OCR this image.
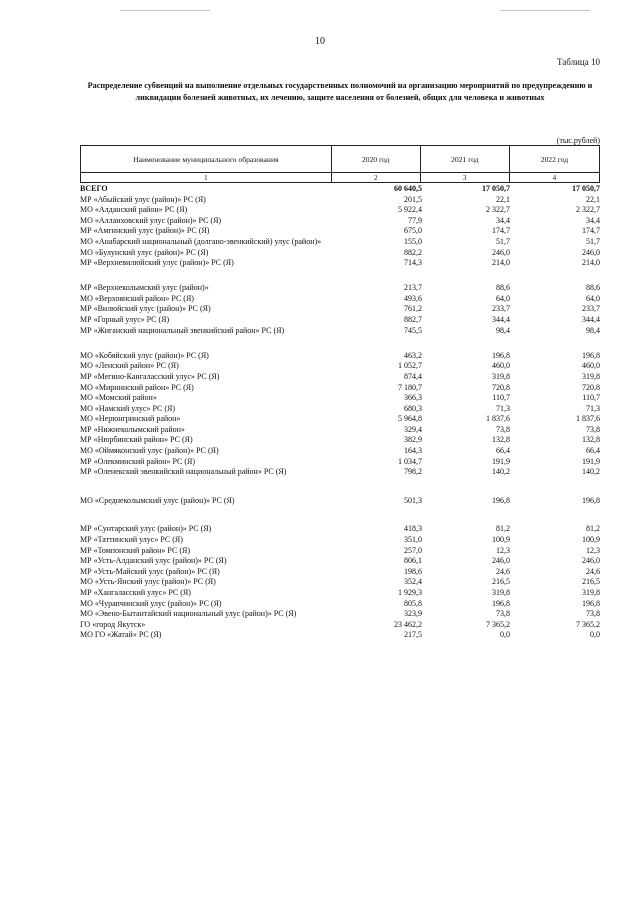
10
Таблица 10
Распределение субвенций на выполнение отдельных государственных полномочий на организацию мероприятий по предупреждению и ликвидации болезней животных, их лечению, защите населения от болезней, общих для человека и животных
(тыс.рублей)
Наименование муниципального образования	2020 год	2021 год	2022 год
1	2	3	4
ВСЕГО	60 640,5	17 050,7	17 050,7
МР «Абыйский улус (район)» РС (Я)	201,5	22,1	22,1
МО «Алданский район» РС (Я)	5 922,4	2 322,7	2 322,7
МО «Аллаиховский улус (район)» РС (Я)	77,9	34,4	34,4
МР «Амгинский улус (район)» РС (Я)	675,0	174,7	174,7
МО «Анабарский национальный (долгано-эвенкийский) улус (район)»	155,0	51,7	51,7
МО «Булунский улус (район)» РС (Я)	882,2	246,0	246,0
МР «Верхневилюйский улус (район)» РС (Я)	714,3	214,0	214,0
МР «Верхнеколымский улус (район)»	213,7	88,6	88,6
МО «Верхоянский район» РС (Я)	493,6	64,0	64,0
МР «Вилюйский улус (район)» РС (Я)	761,2	233,7	233,7
МР «Горный улус» РС (Я)	882,7	344,4	344,4
МР «Жиганский национальный эвенкийский район» РС (Я)	745,5	98,4	98,4
МО «Кобяйский улус (район)» РС (Я)	463,2	196,8	196,8
МО «Ленский район» РС (Я)	1 052,7	460,0	460,0
МР «Мегино-Кангаласский улус» РС (Я)	874,4	319,8	319,8
МО «Мирнинский район» РС (Я)	7 180,7	720,8	720,8
МО «Момский район»	366,3	110,7	110,7
МО «Намский улус» РС (Я)	680,3	71,3	71,3
МО «Нерюнгринский район»	5 964,8	1 837,6	1 837,6
МР «Нижнеколымский район»	329,4	73,8	73,8
МР «Нюрбинский район» РС (Я)	382,9	132,8	132,8
МО «Оймяконский улус (район)» РС (Я)	164,3	66,4	66,4
МР «Олекминский район» РС (Я)	1 034,7	191,9	191,9
МР «Оленекский эвенкийский национальный район» РС (Я)	798,2	140,2	140,2
МО «Среднеколымский улус (район)» РС (Я)	501,3	196,8	196,8
МР «Сунтарский улус (район)» РС (Я)	418,3	81,2	81,2
МР «Таттинский улус» РС (Я)	351,0	100,9	100,9
МР «Томпонский район» РС (Я)	257,0	12,3	12,3
МР «Усть-Алданский улус (район)» РС (Я)	806,1	246,0	246,0
МР «Усть-Майский улус (район)» РС (Я)	198,6	24,6	24,6
МО «Усть-Янский улус (район)» РС (Я)	352,4	216,5	216,5
МР «Хангаласский улус» РС (Я)	1 929,3	319,8	319,8
МО «Чурапчинский улус (район)» РС (Я)	805,8	196,8	196,8
МО «Эвено-Бытантайский национальный улус (район)» РС (Я)	323,9	73,8	73,8
ГО «город Якутск»	23 462,2	7 365,2	7 365,2
МО ГО «Жатай» РС (Я)	217,5	0,0	0,0
